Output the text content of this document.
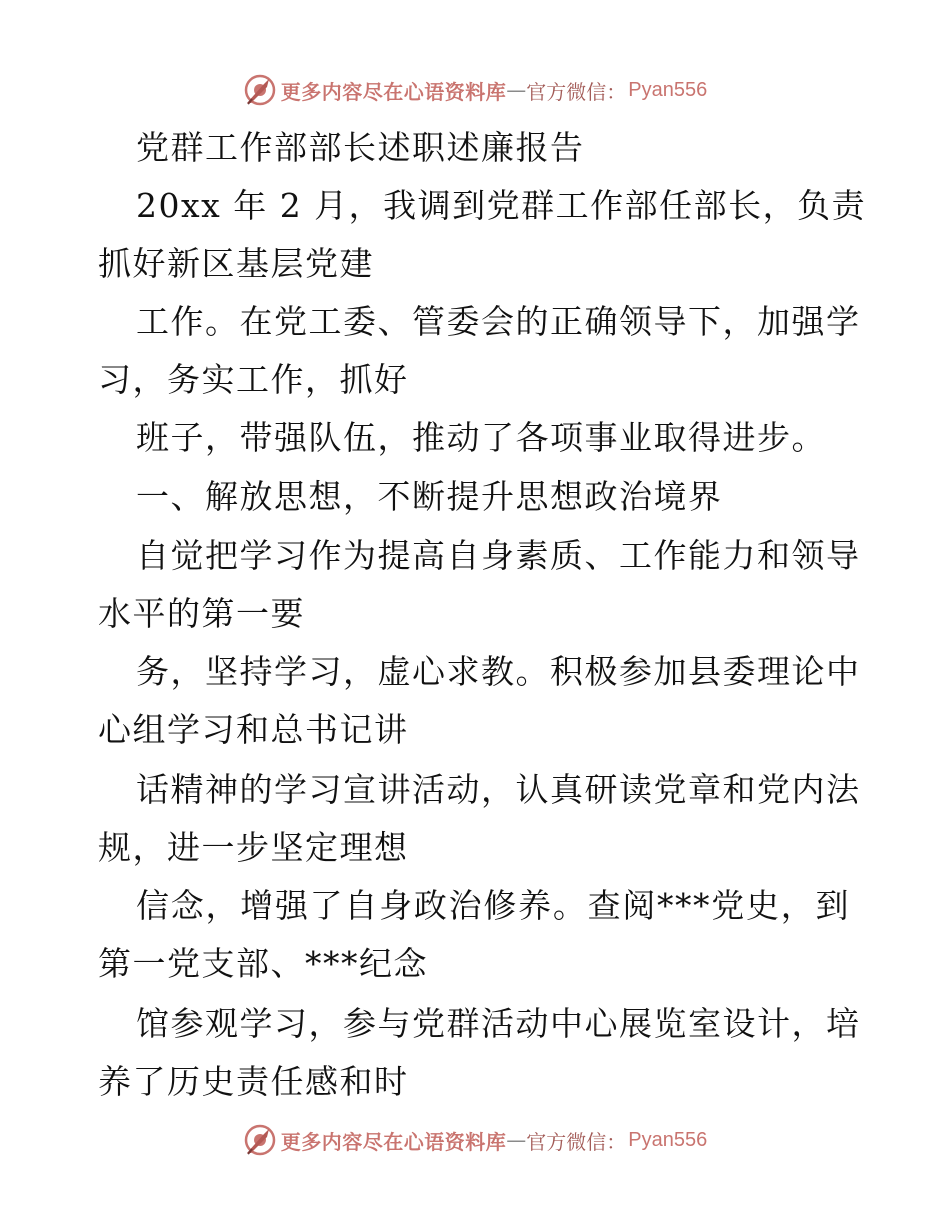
更多内容尽在心语资料库 — 官方微信： Pyan556
党群工作部部长述职述廉报告
20xx 年 2 月，我调到党群工作部任部长，负责
抓好新区基层党建
工作。在党工委、管委会的正确领导下，加强学
习，务实工作，抓好
班子，带强队伍，推动了各项事业取得进步。
一、解放思想，不断提升思想政治境界
自觉把学习作为提高自身素质、工作能力和领导
水平的第一要
务，坚持学习，虚心求教。积极参加县委理论中
心组学习和总书记讲
话精神的学习宣讲活动，认真研读党章和党内法
规，进一步坚定理想
信念，增强了自身政治修养。查阅***党史，到
第一党支部、***纪念
馆参观学习，参与党群活动中心展览室设计，培
养了历史责任感和时
更多内容尽在心语资料库 — 官方微信： Pyan556
